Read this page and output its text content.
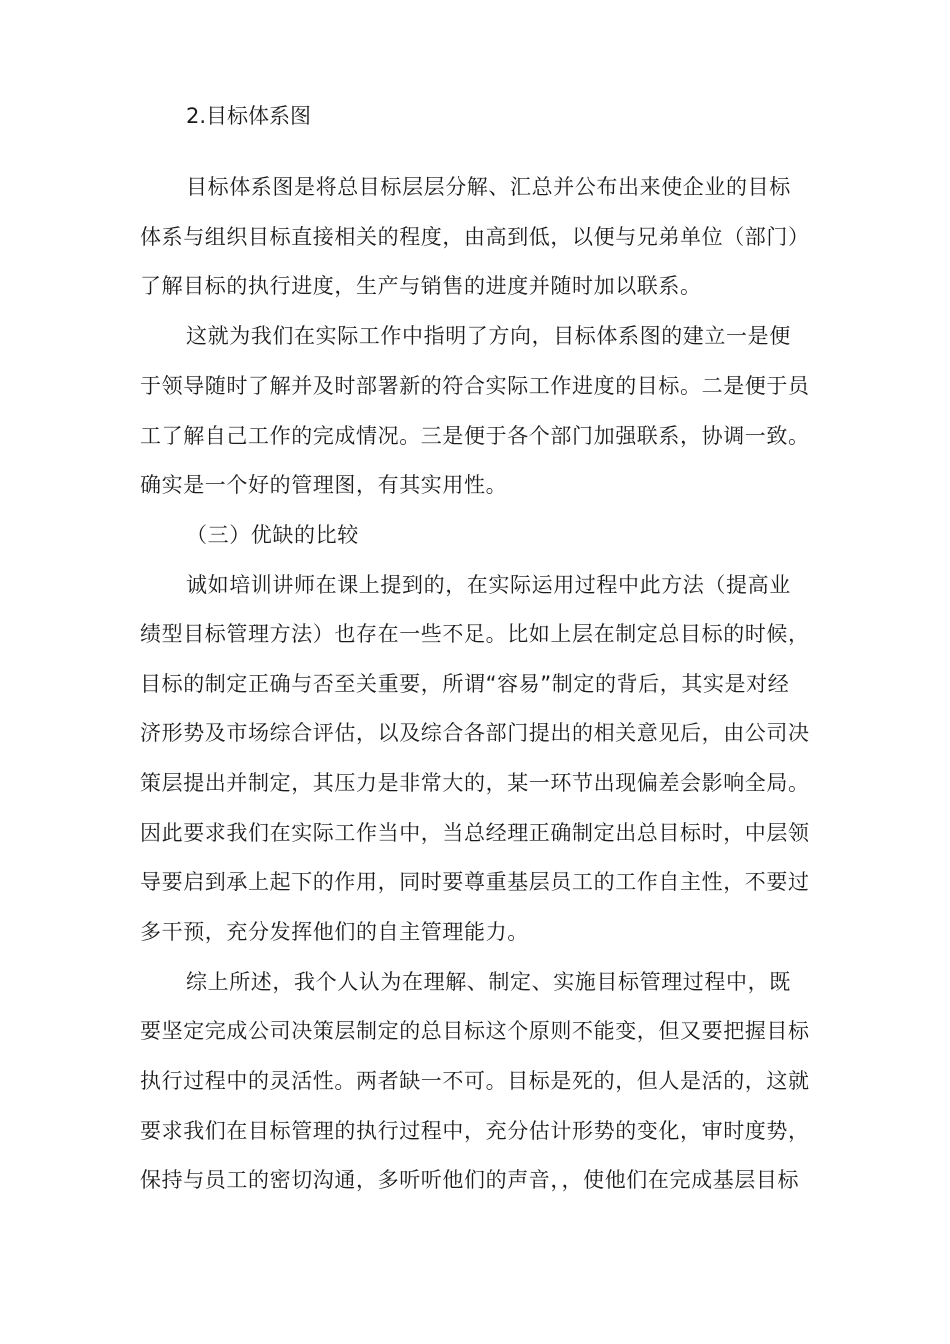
2.目标体系图
目标体系图是将总目标层层分解、汇总并公布出来使企业的目标
体系与组织目标直接相关的程度，由高到低，以便与兄弟单位（部门）
了解目标的执行进度，生产与销售的进度并随时加以联系。
这就为我们在实际工作中指明了方向，目标体系图的建立一是便
于领导随时了解并及时部署新的符合实际工作进度的目标。二是便于员
工了解自己工作的完成情况。三是便于各个部门加强联系，协调一致。
确实是一个好的管理图，有其实用性。
（三）优缺的比较
诚如培训讲师在课上提到的，在实际运用过程中此方法（提高业
绩型目标管理方法）也存在一些不足。比如上层在制定总目标的时候，
目标的制定正确与否至关重要，所谓“容易”制定的背后，其实是对经
济形势及市场综合评估，以及综合各部门提出的相关意见后，由公司决
策层提出并制定，其压力是非常大的，某一环节出现偏差会影响全局。
因此要求我们在实际工作当中，当总经理正确制定出总目标时，中层领
导要启到承上起下的作用，同时要尊重基层员工的工作自主性，不要过
多干预，充分发挥他们的自主管理能力。
综上所述，我个人认为在理解、制定、实施目标管理过程中，既
要坚定完成公司决策层制定的总目标这个原则不能变，但又要把握目标
执行过程中的灵活性。两者缺一不可。目标是死的，但人是活的，这就
要求我们在目标管理的执行过程中，充分估计形势的变化，审时度势，
保持与员工的密切沟通，多听听他们的声音，，使他们在完成基层目标
